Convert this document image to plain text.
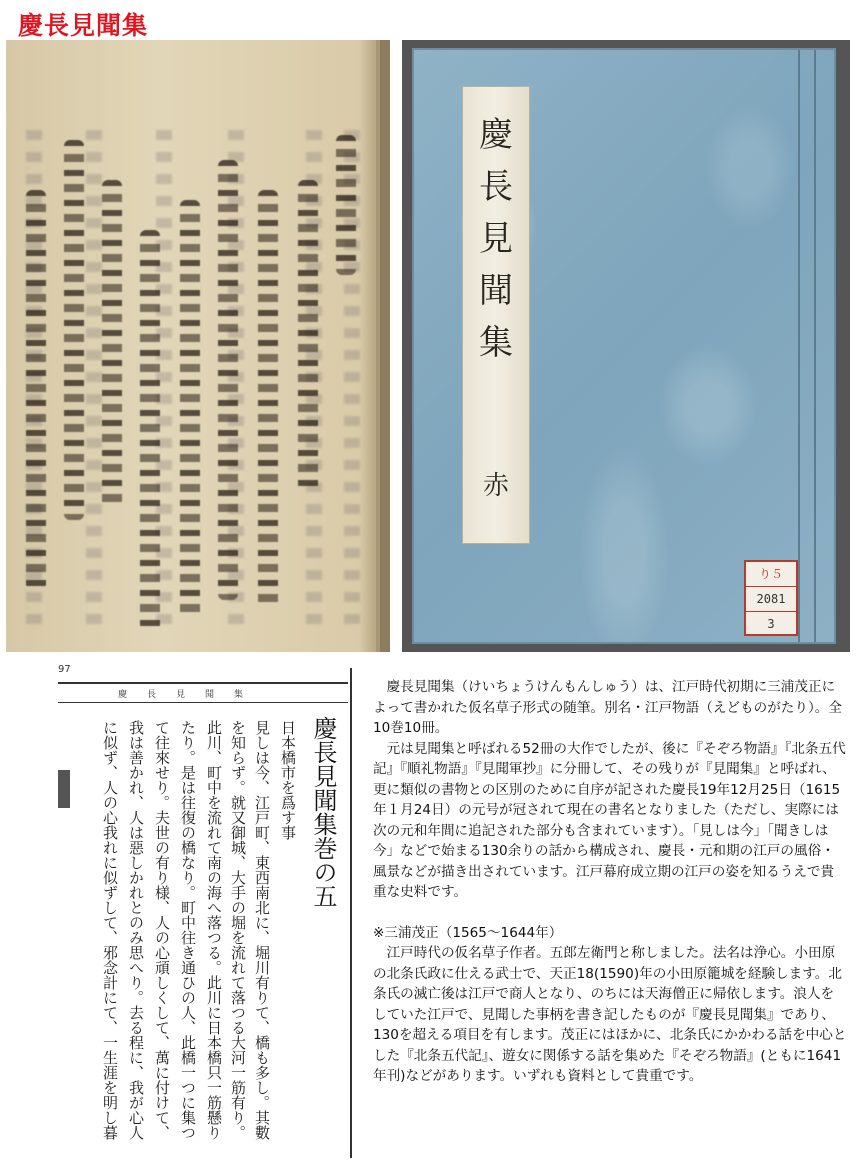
慶長見聞集
慶長見聞集
赤
り５
2081
3
97
慶長見聞集
慶長見聞集巻の五
日本橋市を爲す事
見しは今、江戸町、東西南北に、堀川有りて、橋も多し。其數
を知らず。就又御城、大手の堀を流れて落つる大河一筋有り。
此川、町中を流れて南の海へ落つる。此川に日本橋只一筋懸り
たり。是は往復の橋なり。町中往き通ひの人、此橋一つに集つ
て往來せり。夫世の有り様、人の心頑しくして、萬に付けて、
我は善かれ、人は惡しかれとのみ思へり。去る程に、我が心人
に似ず、人の心我れに似ずして、邪念計にて、一生涯を明し暮

慶長見聞集（けいちょうけんもんしゅう）は、江戸時代初期に三浦茂正によって書かれた仮名草子形式の随筆。別名・江戸物語（えどものがたり）。全10巻10冊。

元は見聞集と呼ばれる52冊の大作でしたが、後に『そぞろ物語』『北条五代記』『順礼物語』『見聞軍抄』に分冊して、その残りが『見聞集』と呼ばれ、更に類似の書物との区別のために自序が記された慶長19年12月25日（1615年１月24日）の元号が冠されて現在の書名となりました（ただし、実際には次の元和年間に追記された部分も含まれています）。「見しは今」「聞きしは今」などで始まる130余りの話から構成され、慶長・元和期の江戸の風俗・風景などが描き出されています。江戸幕府成立期の江戸の姿を知るうえで貴重な史料です。

※三浦茂正（1565～1644年）

江戸時代の仮名草子作者。五郎左衛門と称しました。法名は浄心。小田原の北条氏政に仕える武士で、天正18(1590)年の小田原籠城を経験します。北条氏の滅亡後は江戸で商人となり、のちには天海僧正に帰依します。浪人をしていた江戸で、見聞した事柄を書き記したものが『慶長見聞集』であり、130を超える項目を有します。茂正にはほかに、北条氏にかかわる話を中心とした『北条五代記』、遊女に関係する話を集めた『そぞろ物語』(ともに1641年刊)などがあります。いずれも資料として貴重です。
